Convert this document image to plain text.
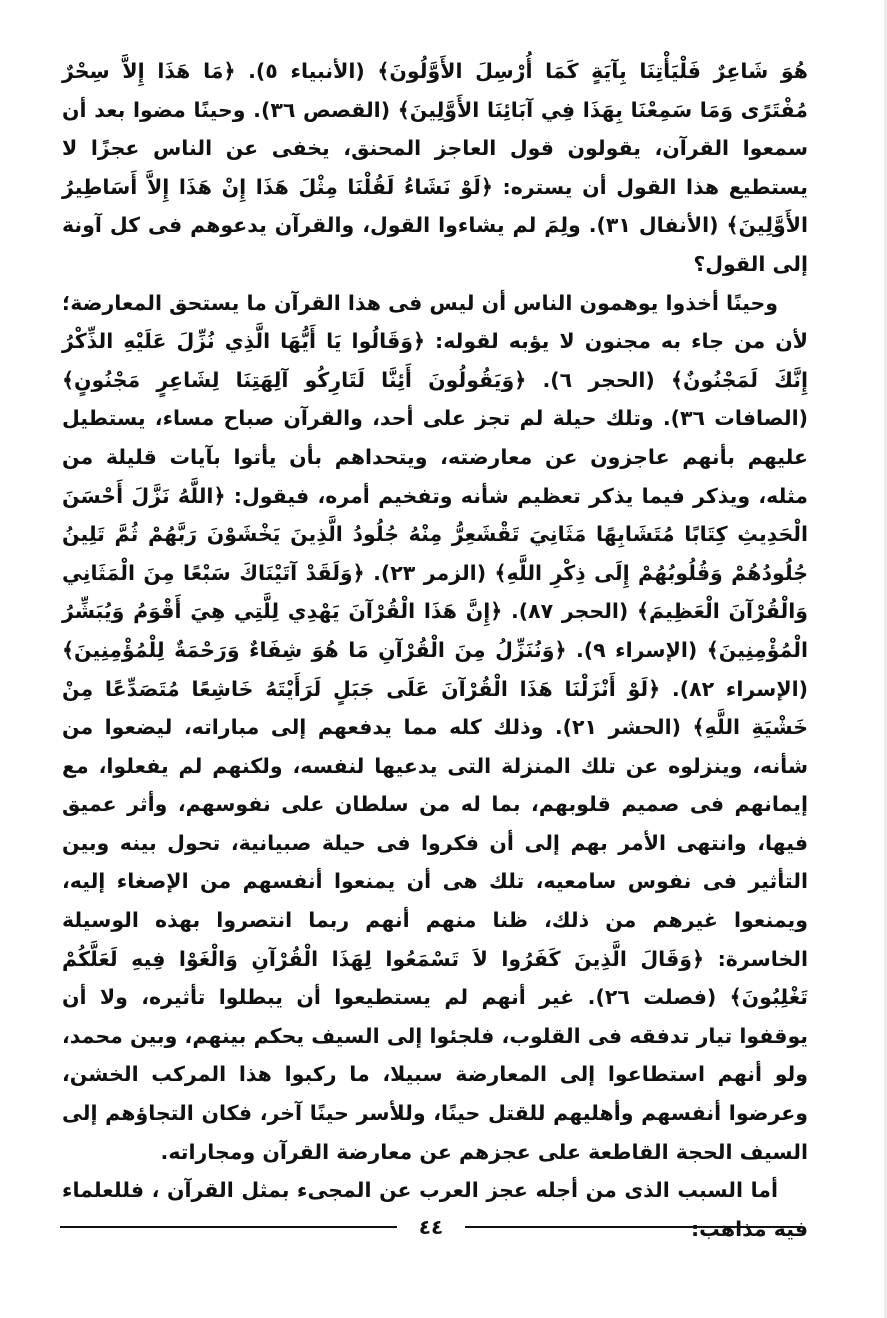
هُوَ شَاعِرٌ فَلْيَأْتِنَا بِآيَةٍ كَمَا أُرْسِلَ الأَوَّلُونَ﴾ (الأنبياء ٥). ﴿مَا هَذَا إِلاَّ سِحْرٌ مُفْتَرًى وَمَا سَمِعْنَا بِهَذَا فِي آبَائِنَا الأَوَّلِينَ﴾ (القصص ٣٦). وحينًا مضوا بعد أن سمعوا القرآن، يقولون قول العاجز المحنق، يخفى عن الناس عجزًا لا يستطيع هذا القول أن يستره: ﴿لَوْ نَشَاءُ لَقُلْنَا مِثْلَ هَذَا إِنْ هَذَا إِلاَّ أَسَاطِيرُ الأَوَّلِينَ﴾ (الأنفال ٣١). ولِمَ لم يشاءوا القول، والقرآن يدعوهم فى كل آونة إلى القول؟

وحينًا أخذوا يوهمون الناس أن ليس فى هذا القرآن ما يستحق المعارضة؛ لأن من جاء به مجنون لا يؤبه لقوله: ﴿وَقَالُوا يَا أَيُّهَا الَّذِي نُزِّلَ عَلَيْهِ الذِّكْرُ إِنَّكَ لَمَجْنُونٌ﴾ (الحجر ٦). ﴿وَيَقُولُونَ أَئِنَّا لَتَارِكُو آلِهَتِنَا لِشَاعِرٍ مَجْنُونٍ﴾ (الصافات ٣٦). وتلك حيلة لم تجز على أحد، والقرآن صباح مساء، يستطيل عليهم بأنهم عاجزون عن معارضته، ويتحداهم بأن يأتوا بآيات قليلة من مثله، ويذكر فيما يذكر تعظيم شأنه وتفخيم أمره، فيقول: ﴿اللَّهُ نَزَّلَ أَحْسَنَ الْحَدِيثِ كِتَابًا مُتَشَابِهًا مَثَانِيَ تَقْشَعِرُّ مِنْهُ جُلُودُ الَّذِينَ يَخْشَوْنَ رَبَّهُمْ ثُمَّ تَلِينُ جُلُودُهُمْ وَقُلُوبُهُمْ إِلَى ذِكْرِ اللَّهِ﴾ (الزمر ٢٣). ﴿وَلَقَدْ آتَيْنَاكَ سَبْعًا مِنَ الْمَثَانِي وَالْقُرْآنَ الْعَظِيمَ﴾ (الحجر ٨٧). ﴿إِنَّ هَذَا الْقُرْآنَ يَهْدِي لِلَّتِي هِيَ أَقْوَمُ وَيُبَشِّرُ الْمُؤْمِنِينَ﴾ (الإسراء ٩). ﴿وَنُنَزِّلُ مِنَ الْقُرْآنِ مَا هُوَ شِفَاءٌ وَرَحْمَةٌ لِلْمُؤْمِنِينَ﴾ (الإسراء ٨٢). ﴿لَوْ أَنْزَلْنَا هَذَا الْقُرْآنَ عَلَى جَبَلٍ لَرَأَيْتَهُ خَاشِعًا مُتَصَدِّعًا مِنْ خَشْيَةِ اللَّهِ﴾ (الحشر ٢١). وذلك كله مما يدفعهم إلى مباراته، ليضعوا من شأنه، وينزلوه عن تلك المنزلة التى يدعيها لنفسه، ولكنهم لم يفعلوا، مع إيمانهم فى صميم قلوبهم، بما له من سلطان على نفوسهم، وأثر عميق فيها، وانتهى الأمر بهم إلى أن فكروا فى حيلة صبيانية، تحول بينه وبين التأثير فى نفوس سامعيه، تلك هى أن يمنعوا أنفسهم من الإصغاء إليه، ويمنعوا غيرهم من ذلك، ظنا منهم أنهم ربما انتصروا بهذه الوسيلة الخاسرة: ﴿وَقَالَ الَّذِينَ كَفَرُوا لاَ تَسْمَعُوا لِهَذَا الْقُرْآنِ وَالْغَوْا فِيهِ لَعَلَّكُمْ تَغْلِبُونَ﴾ (فصلت ٢٦). غير أنهم لم يستطيعوا أن يبطلوا تأثيره، ولا أن يوقفوا تيار تدفقه فى القلوب، فلجئوا إلى السيف يحكم بينهم، وبين محمد، ولو أنهم استطاعوا إلى المعارضة سبيلا، ما ركبوا هذا المركب الخشن، وعرضوا أنفسهم وأهليهم للقتل حينًا، وللأسر حينًا آخر، فكان التجاؤهم إلى السيف الحجة القاطعة على عجزهم عن معارضة القرآن ومجاراته.

أما السبب الذى من أجله عجز العرب عن المجىء بمثل القرآن ، فللعلماء فيه مذاهب:

٤٤
